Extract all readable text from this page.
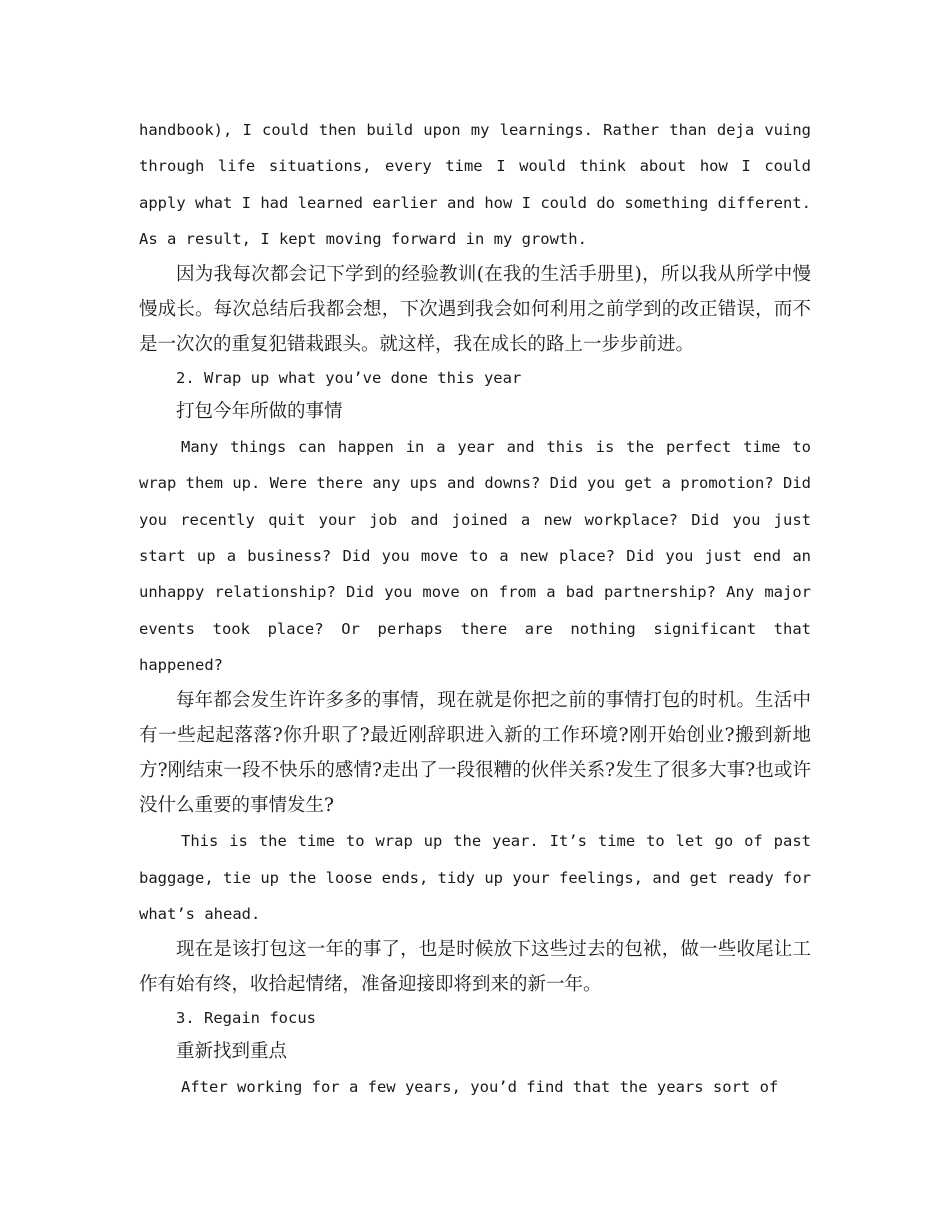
handbook), I could then build upon my learnings. Rather than deja vuing through life situations, every time I would think about how I could apply what I had learned earlier and how I could do something different. As a result, I kept moving forward in my growth.

因为我每次都会记下学到的经验教训(在我的生活手册里)，所以我从所学中慢慢成长。每次总结后我都会想，下次遇到我会如何利用之前学到的改正错误，而不是一次次的重复犯错栽跟头。就这样，我在成长的路上一步步前进。

2. Wrap up what you’ve done this year

打包今年所做的事情

Many things can happen in a year and this is the perfect time to wrap them up. Were there any ups and downs? Did you get a promotion? Did you recently quit your job and joined a new workplace? Did you just start up a business? Did you move to a new place? Did you just end an unhappy relationship? Did you move on from a bad partnership? Any major events took place? Or perhaps there are nothing significant that happened?

每年都会发生许许多多的事情，现在就是你把之前的事情打包的时机。生活中有一些起起落落?你升职了?最近刚辞职进入新的工作环境?刚开始创业?搬到新地方?刚结束一段不快乐的感情?走出了一段很糟的伙伴关系?发生了很多大事?也或许没什么重要的事情发生?

This is the time to wrap up the year. It’s time to let go of past baggage, tie up the loose ends, tidy up your feelings, and get ready for what’s ahead.

现在是该打包这一年的事了，也是时候放下这些过去的包袱，做一些收尾让工作有始有终，收拾起情绪，准备迎接即将到来的新一年。

3. Regain focus

重新找到重点

After working for a few years, you’d find that the years sort of
